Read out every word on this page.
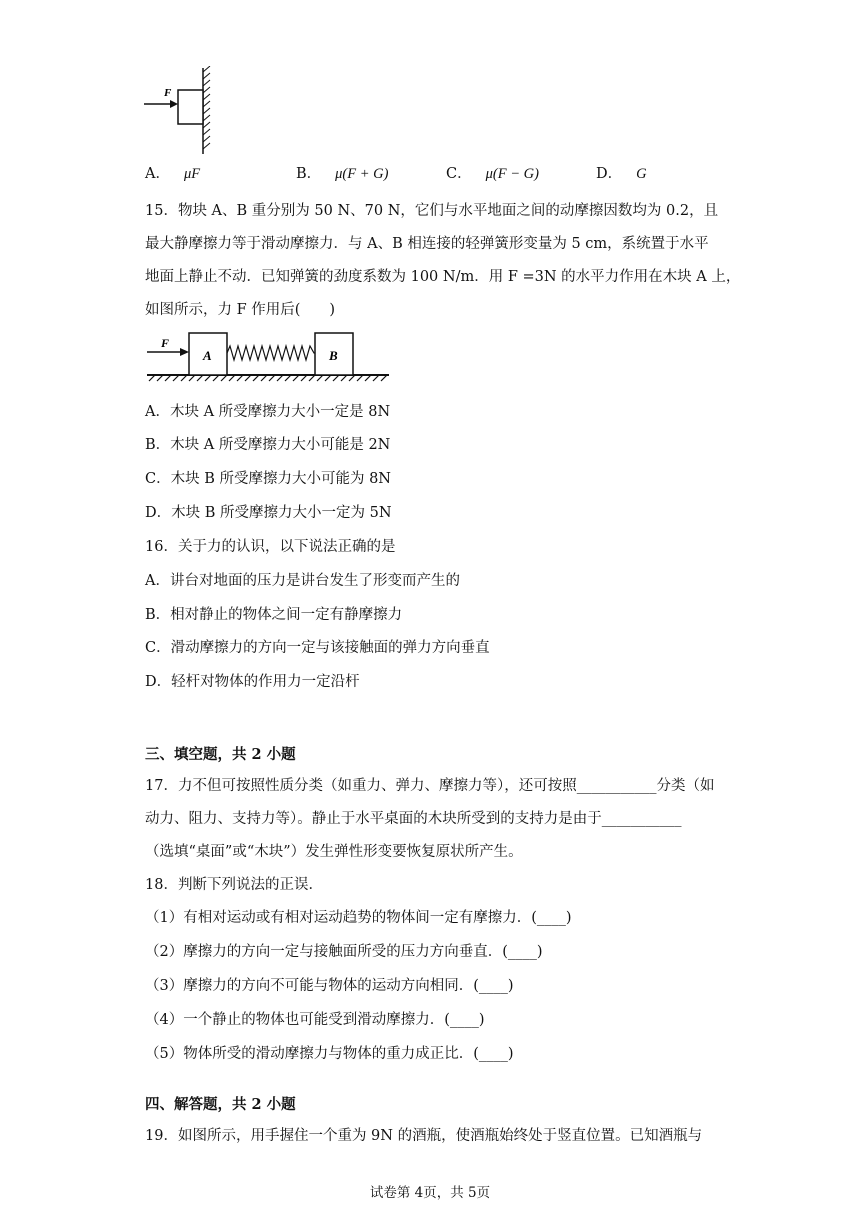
F
A． μF	B． μ(F + G)	C． μ(F − G)	D． G
15．物块 A、B 重分别为 50 N、70 N，它们与水平地面之间的动摩擦因数均为 0.2，且
最大静摩擦力等于滑动摩擦力．与 A、B 相连接的轻弹簧形变量为 5 cm，系统置于水平
地面上静止不动．已知弹簧的劲度系数为 100 N/m．用 F =3N 的水平力作用在木块 A 上，
如图所示，力 F 作用后(　　)
F
A	B
A．木块 A 所受摩擦力大小一定是 8N
B．木块 A 所受摩擦力大小可能是 2N
C．木块 B 所受摩擦力大小可能为 8N
D．木块 B 所受摩擦力大小一定为 5N
16．关于力的认识，以下说法正确的是
A．讲台对地面的压力是讲台发生了形变而产生的
B．相对静止的物体之间一定有静摩擦力
C．滑动摩擦力的方向一定与该接触面的弹力方向垂直
D．轻杆对物体的作用力一定沿杆
三、填空题，共 2 小题
17．力不但可按照性质分类（如重力、弹力、摩擦力等），还可按照___________分类（如
动力、阻力、支持力等）。静止于水平桌面的木块所受到的支持力是由于___________
（选填“桌面”或“木块”）发生弹性形变要恢复原状所产生。
18．判断下列说法的正误．
（1）有相对运动或有相对运动趋势的物体间一定有摩擦力．(____)
（2）摩擦力的方向一定与接触面所受的压力方向垂直．(____)
（3）摩擦力的方向不可能与物体的运动方向相同．(____)
（4）一个静止的物体也可能受到滑动摩擦力．(____)
（5）物体所受的滑动摩擦力与物体的重力成正比．(____)
四、解答题，共 2 小题
19．如图所示，用手握住一个重为 9N 的酒瓶，使酒瓶始终处于竖直位置。已知酒瓶与
试卷第 4页，共 5页
